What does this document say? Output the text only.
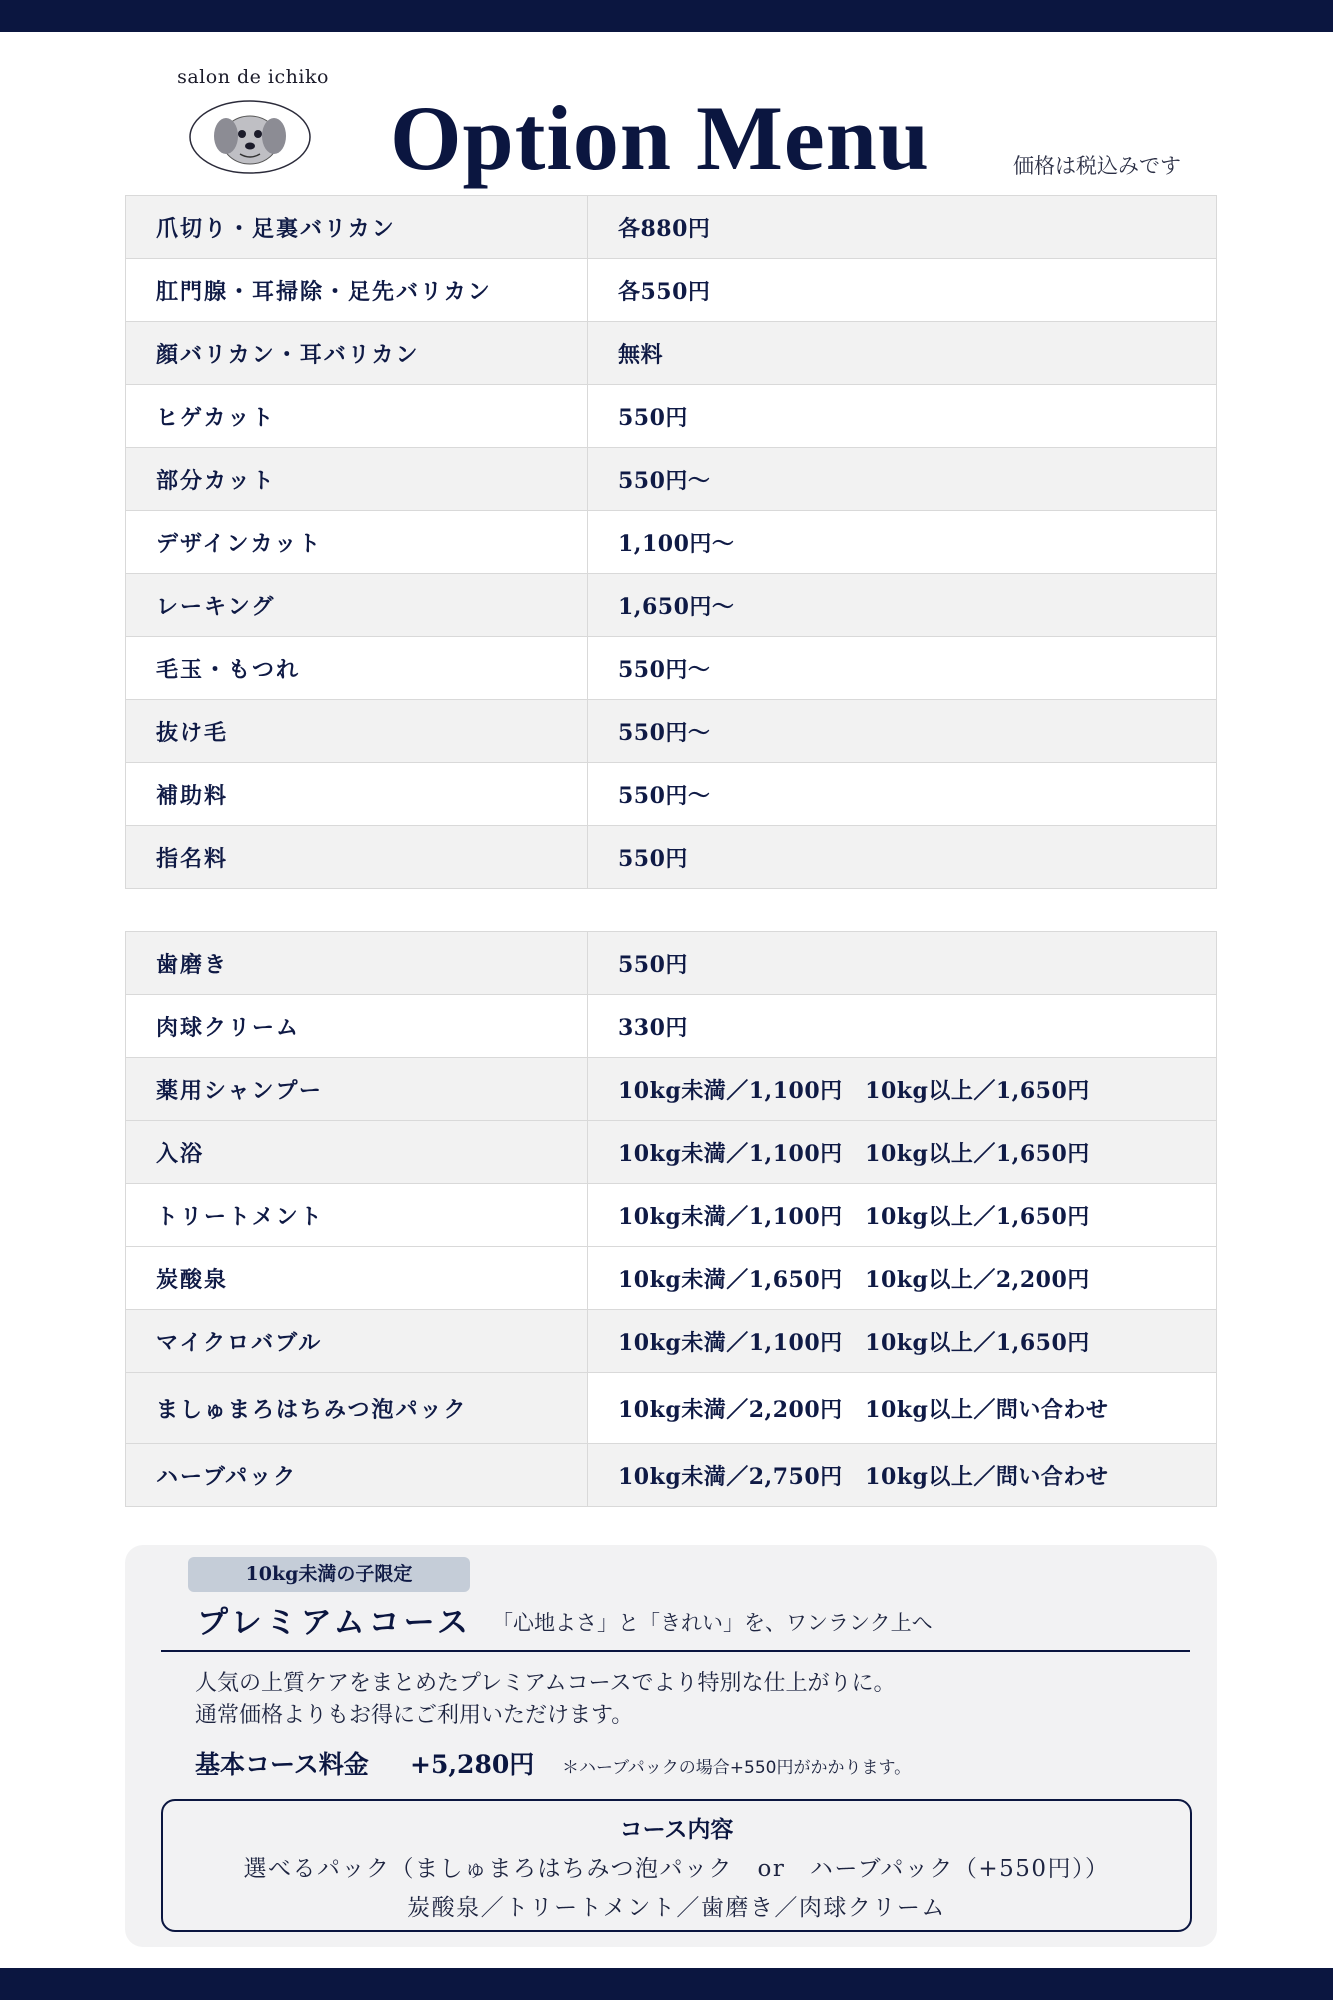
salon de ichiko
Option Menu	価格は税込みです
爪切り・足裏バリカン	各880円
肛門腺・耳掃除・足先バリカン	各550円
顔バリカン・耳バリカン	無料
ヒゲカット	550円
部分カット	550円～
デザインカット	1,100円～
レーキング	1,650円～
毛玉・もつれ	550円～
抜け毛	550円～
補助料	550円～
指名料	550円
歯磨き	550円
肉球クリーム	330円
薬用シャンプー	10kg未満／1,100円　10kg以上／1,650円
入浴	10kg未満／1,100円　10kg以上／1,650円
トリートメント	10kg未満／1,100円　10kg以上／1,650円
炭酸泉	10kg未満／1,650円　10kg以上／2,200円
マイクロバブル	10kg未満／1,100円　10kg以上／1,650円
ましゅまろはちみつ泡パック	10kg未満／2,200円　10kg以上／問い合わせ
ハーブパック	10kg未満／2,750円　10kg以上／問い合わせ
10kg未満の子限定
プレミアムコース 「心地よさ」と「きれい」を、ワンランク上へ
人気の上質ケアをまとめたプレミアムコースでより特別な仕上がりに。
通常価格よりもお得にご利用いただけます。
基本コース料金 +5,280円 ＊ハーブパックの場合+550円がかかります。
コース内容
選べるパック（ましゅまろはちみつ泡パック　or　ハーブパック（+550円））
炭酸泉／トリートメント／歯磨き／肉球クリーム
